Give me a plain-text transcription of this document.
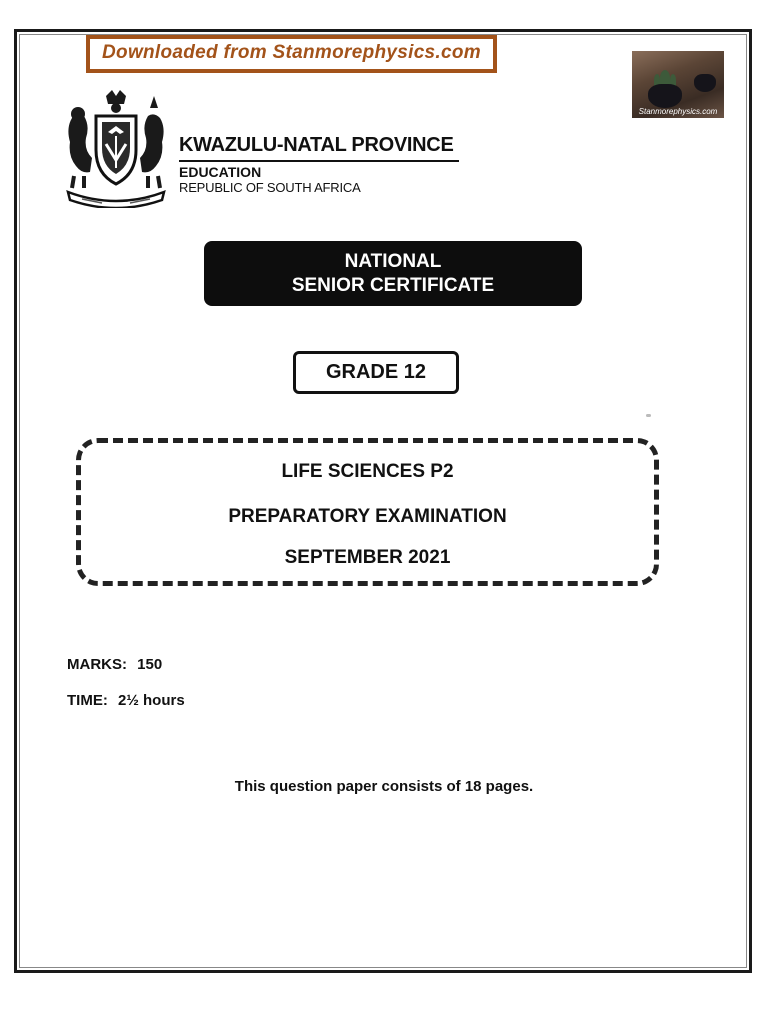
Downloaded from Stanmorephysics.com
Stanmorephysics.com
KWAZULU-NATAL PROVINCE
EDUCATION
REPUBLIC OF SOUTH AFRICA
NATIONAL
SENIOR CERTIFICATE
GRADE 12
LIFE SCIENCES P2
PREPARATORY EXAMINATION
SEPTEMBER 2021
MARKS: 150
TIME: 2½ hours
This question paper consists of 18 pages.
